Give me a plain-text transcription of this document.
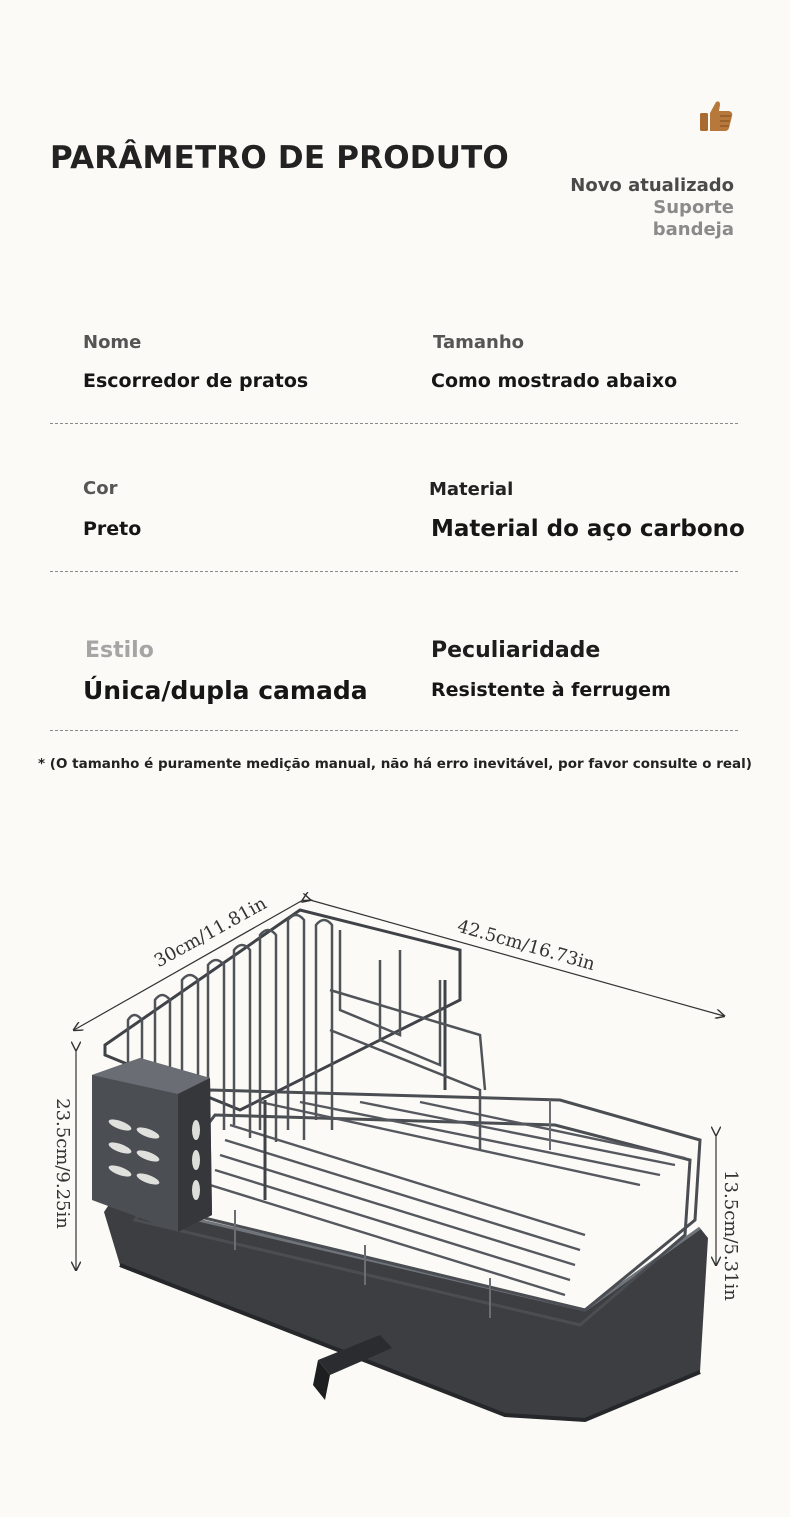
PARÂMETRO DE PRODUTO
Novo atualizado
Suporte
bandeja
Nome
Escorredor de pratos
Tamanho
Como mostrado abaixo
Cor
Preto
Material
Material do aço carbono
Estilo
Única/dupla camada
Peculiaridade
Resistente à ferrugem
* (O tamanho é puramente medição manual, não há erro inevitável, por favor consulte o real)
30cm/11.81in	42.5cm/16.73in
23.5cm/9.25in
13.5cm/5.31in
